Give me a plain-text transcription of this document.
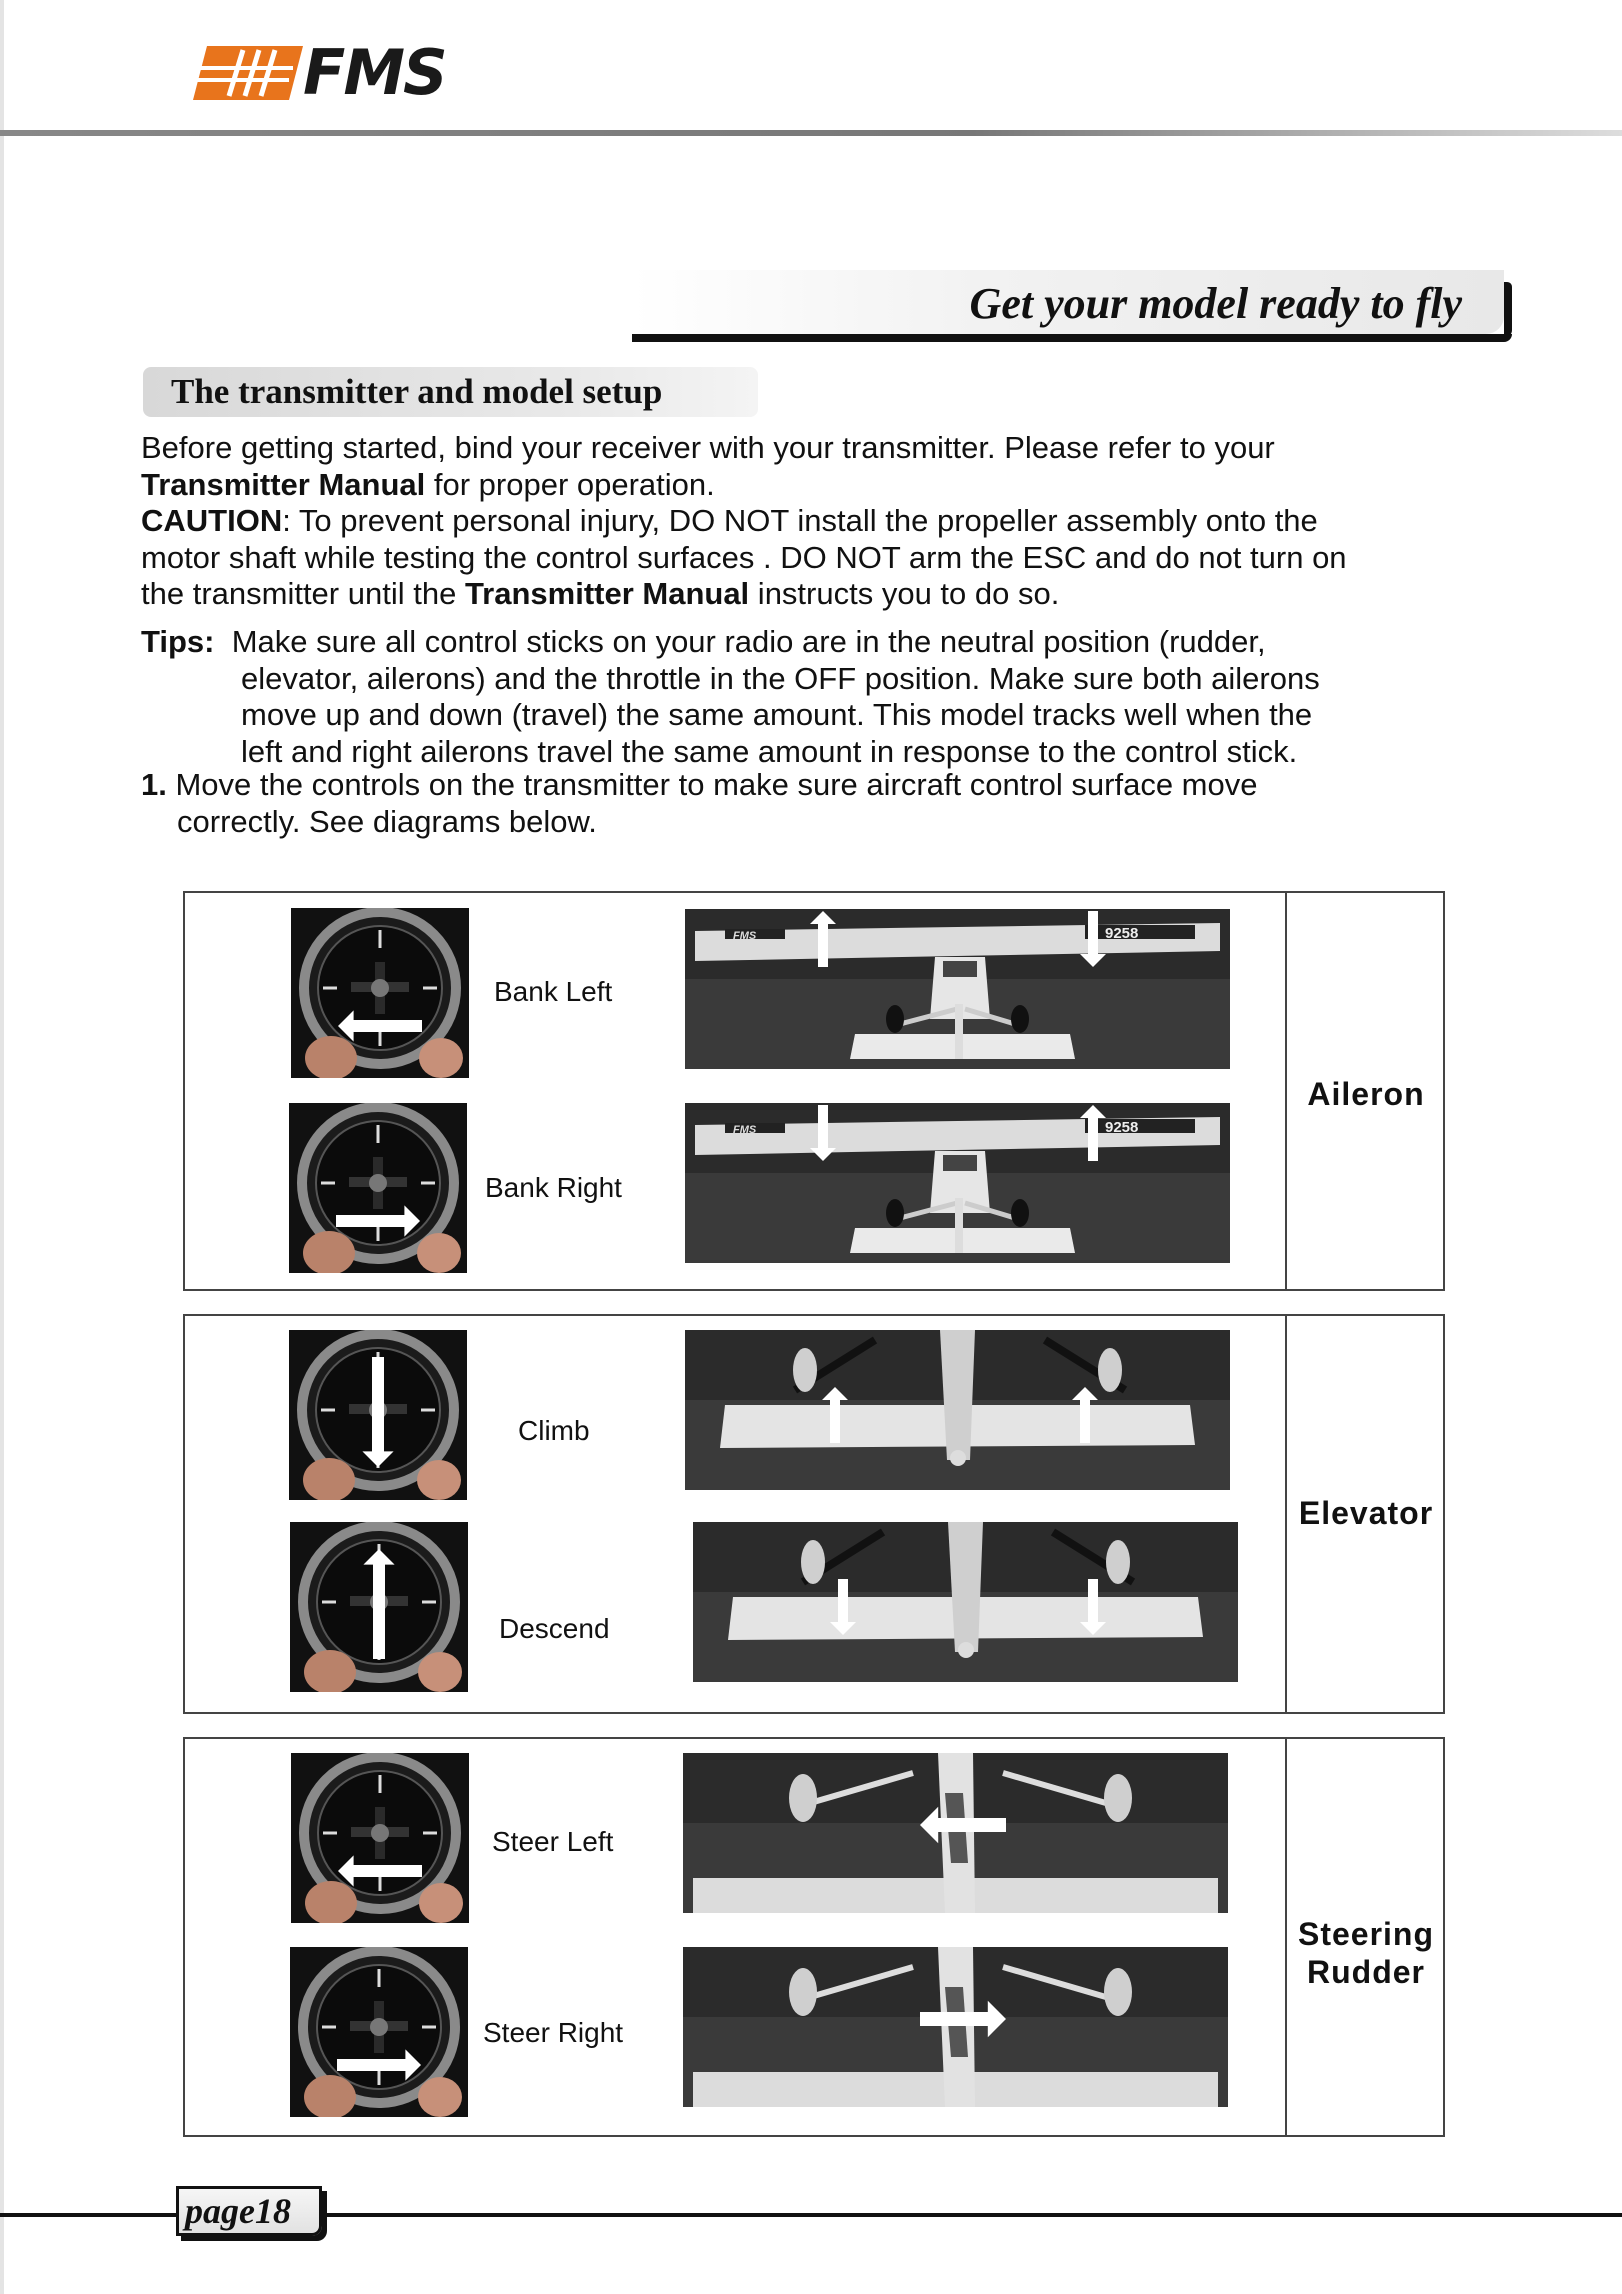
FMS
Get your model ready to fly
The transmitter and model setup

Before getting started, bind your receiver with your transmitter. Please refer to your

Transmitter Manual for proper operation.

CAUTION: To prevent personal injury, DO NOT install the propeller assembly onto the

motor shaft while testing the control surfaces . DO NOT arm the ESC and do not turn on

the transmitter until the Transmitter Manual instructs you to do so.

Tips: Make sure all control sticks on your radio are in the neutral position (rudder,

elevator, ailerons) and the throttle in the OFF position. Make sure both ailerons

move up and down (travel) the same amount. This model tracks well when the

left and right ailerons travel the same amount in response to the control stick.

1. Move the controls on the transmitter to make sure aircraft control surface move

correctly. See diagrams below.

Aileron
Bank Left
FMS	9258
Bank Right
FMS	9258
Elevator
Climb
Descend
Steering
Rudder
Steer Left
Steer Right
page18
